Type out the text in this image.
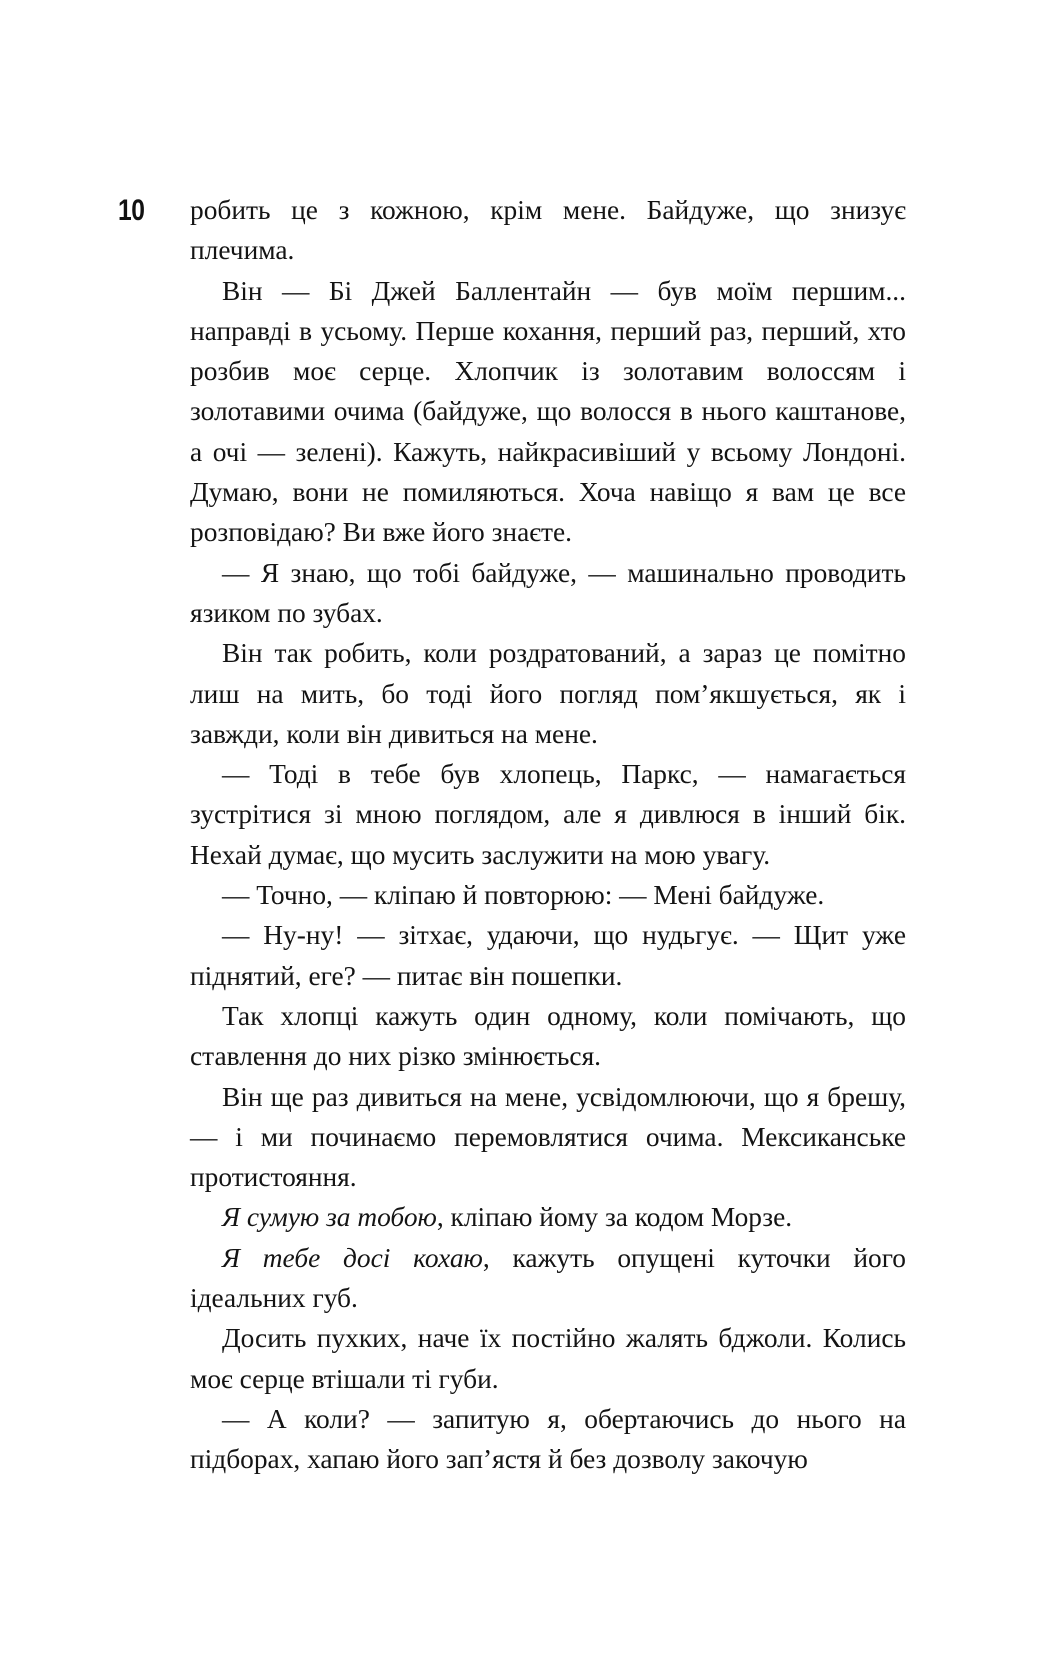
10	робить це з кожною, крім мене. Байдуже, що знизує плечима.

Він — Бі Джей Баллентайн — був моїм першим... направді в усьому. Перше кохання, перший раз, перший, хто розбив моє серце. Хлопчик із золотавим волоссям і золотавими очима (байдуже, що волосся в нього каштанове, а очі — зелені). Кажуть, найкрасивіший у всьому Лондоні. Думаю, вони не помиляються. Хоча навіщо я вам це все розповідаю? Ви вже його знаєте.

— Я знаю, що тобі байдуже, — машинально проводить язиком по зубах.

Він так робить, коли роздратований, а зараз це помітно лиш на мить, бо тоді його погляд пом’якшується, як і завжди, коли він дивиться на мене.

— Тоді в тебе був хлопець, Паркс, — намагається зустрітися зі мною поглядом, але я дивлюся в інший бік. Нехай думає, що мусить заслужити на мою увагу.

— Точно, — кліпаю й повторюю: — Мені байдуже.

— Ну-ну! — зітхає, удаючи, що нудьгує. — Щит уже піднятий, еге? — питає він пошепки.

Так хлопці кажуть один одному, коли помічають, що ставлення до них різко змінюється.

Він ще раз дивиться на мене, усвідомлюючи, що я брешу, — і ми починаємо перемовлятися очима. Мексиканське протистояння.

Я сумую за тобою, кліпаю йому за кодом Морзе.

Я тебе досі кохаю, кажуть опущені куточки його ідеальних губ.

Досить пухких, наче їх постійно жалять бджоли. Колись моє серце втішали ті губи.

— А коли? — запитую я, обертаючись до нього на підборах, хапаю його зап’ястя й без дозволу закочую
